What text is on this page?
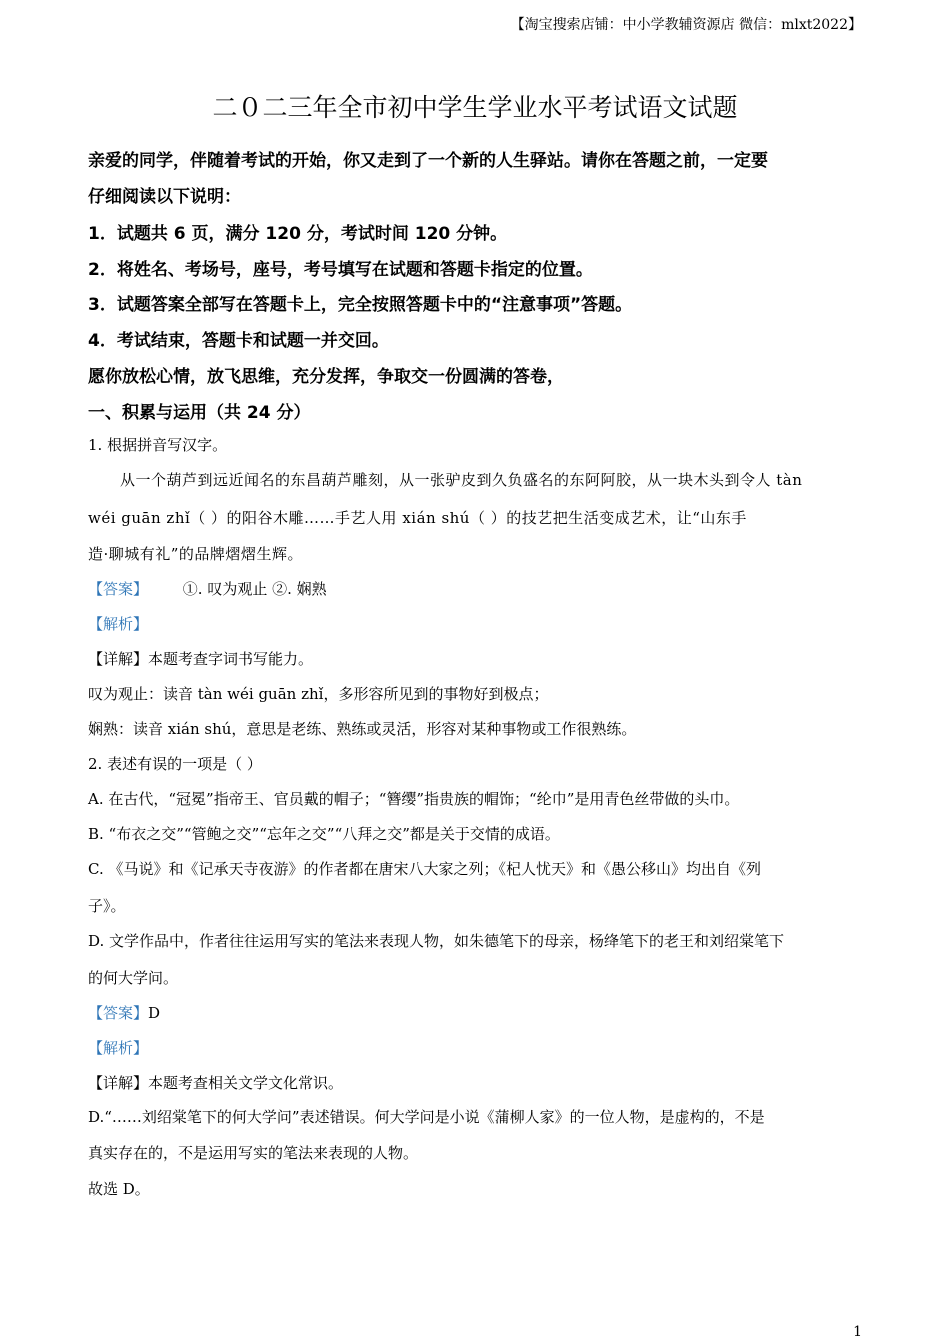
【淘宝搜索店铺：中小学教辅资源店 微信：mlxt2022】
二０二三年全市初中学生学业水平考试语文试题
亲爱的同学，伴随着考试的开始，你又走到了一个新的人生驿站。请你在答题之前，一定要
仔细阅读以下说明：
1．试题共 6 页，满分 120 分，考试时间 120 分钟。
2．将姓名、考场号，座号，考号填写在试题和答题卡指定的位置。
3．试题答案全部写在答题卡上，完全按照答题卡中的“注意事项”答题。
4．考试结束，答题卡和试题一并交回。
愿你放松心情，放飞思维，充分发挥，争取交一份圆满的答卷，
一、积累与运用（共 24 分）
1. 根据拼音写汉字。
从一个葫芦到远近闻名的东昌葫芦雕刻，从一张驴皮到久负盛名的东阿阿胶，从一块木头到令人 tàn
wéi guān zhǐ（ ）的阳谷木雕……手艺人用 xián shú（ ）的技艺把生活变成艺术，让“山东手
造·聊城有礼”的品牌熠熠生辉。
【答案】 ①. 叹为观止 ②. 娴熟
【解析】
【详解】本题考查字词书写能力。
叹为观止：读音 tàn wéi guān zhǐ，多形容所见到的事物好到极点；
娴熟：读音 xián shú，意思是老练、熟练或灵活，形容对某种事物或工作很熟练。
2. 表述有误的一项是（ ）
A. 在古代，“冠冕”指帝王、官员戴的帽子；“簪缨”指贵族的帽饰；“纶巾”是用青色丝带做的头巾。
B. “布衣之交”“管鲍之交”“忘年之交”“八拜之交”都是关于交情的成语。
C. 《马说》和《记承天寺夜游》的作者都在唐宋八大家之列；《杞人忧天》和《愚公移山》均出自《列
子》。
D. 文学作品中，作者往往运用写实的笔法来表现人物，如朱德笔下的母亲，杨绛笔下的老王和刘绍棠笔下
的何大学问。
【答案】D
【解析】
【详解】本题考查相关文学文化常识。
D.“……刘绍棠笔下的何大学问”表述错误。何大学问是小说《蒲柳人家》的一位人物，是虚构的，不是
真实存在的，不是运用写实的笔法来表现的人物。
故选 D。
1
